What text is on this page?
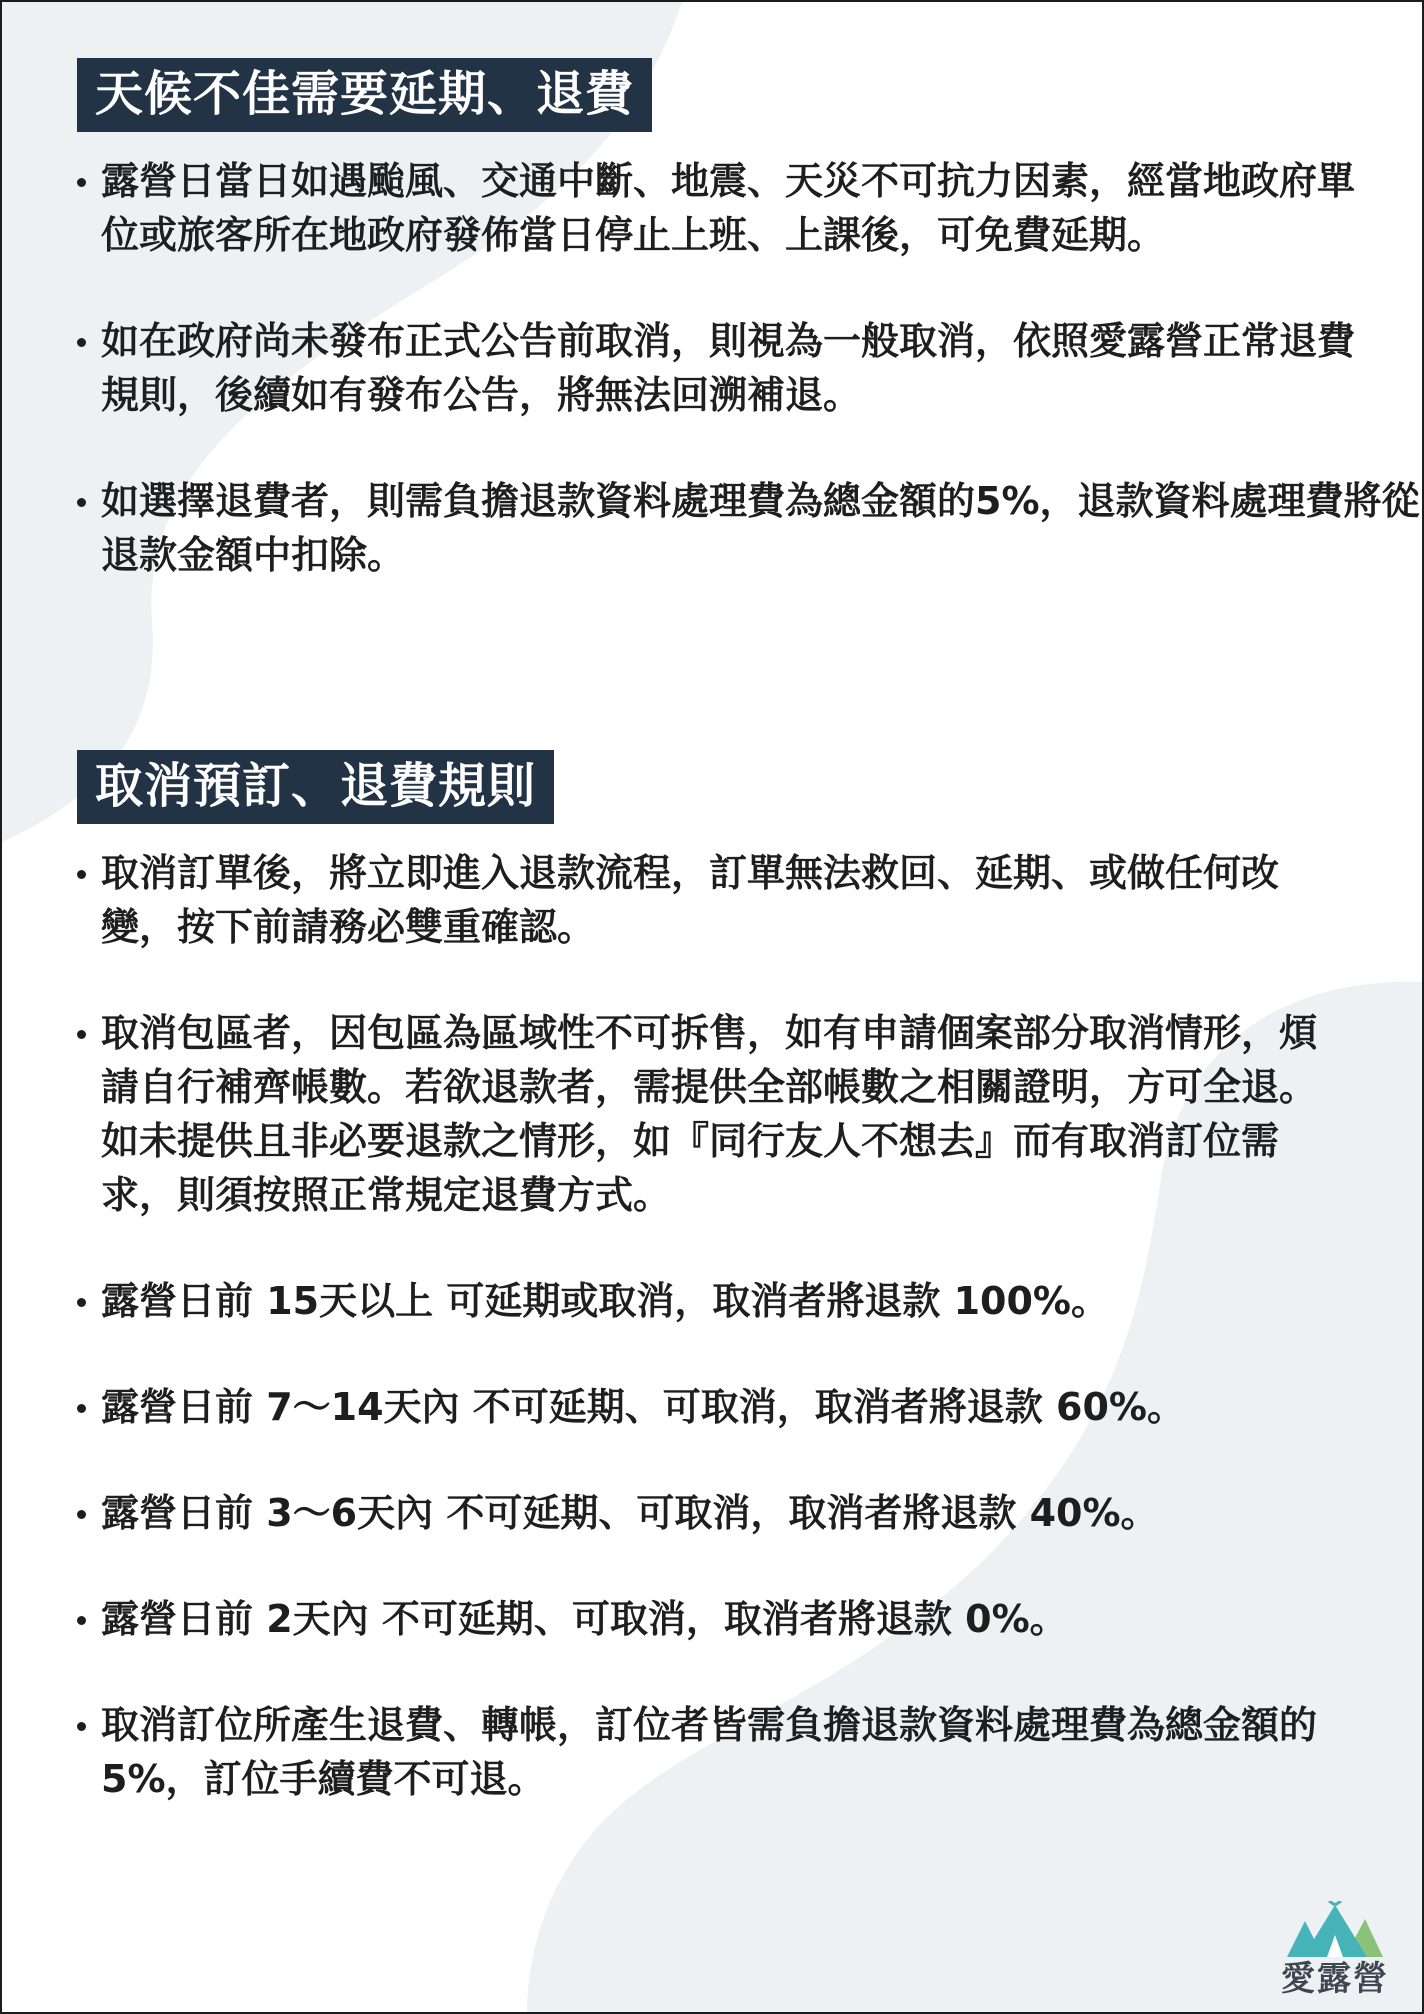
天候不佳需要延期、退費
露營日當日如遇颱風、交通中斷、地震、天災不可抗力因素，經當地政府單位或旅客所在地政府發佈當日停止上班、上課後，可免費延期。
如在政府尚未發布正式公告前取消，則視為一般取消，依照愛露營正常退費規則，後續如有發布公告，將無法回溯補退。
如選擇退費者，則需負擔退款資料處理費為總金額的5%，退款資料處理費將從退款金額中扣除。
取消預訂、退費規則
取消訂單後，將立即進入退款流程，訂單無法救回、延期、或做任何改變，按下前請務必雙重確認。
取消包區者，因包區為區域性不可拆售，如有申請個案部分取消情形，煩請自行補齊帳數。若欲退款者，需提供全部帳數之相關證明，方可全退。如未提供且非必要退款之情形，如『同行友人不想去』而有取消訂位需求，則須按照正常規定退費方式。
露營日前 15天以上 可延期或取消，取消者將退款 100%。
露營日前 7〜14天內 不可延期、可取消，取消者將退款 60%。
露營日前 3〜6天內 不可延期、可取消，取消者將退款 40%。
露營日前 2天內 不可延期、可取消，取消者將退款 0%。
取消訂位所產生退費、轉帳，訂位者皆需負擔退款資料處理費為總金額的5%，訂位手續費不可退。
愛露營
